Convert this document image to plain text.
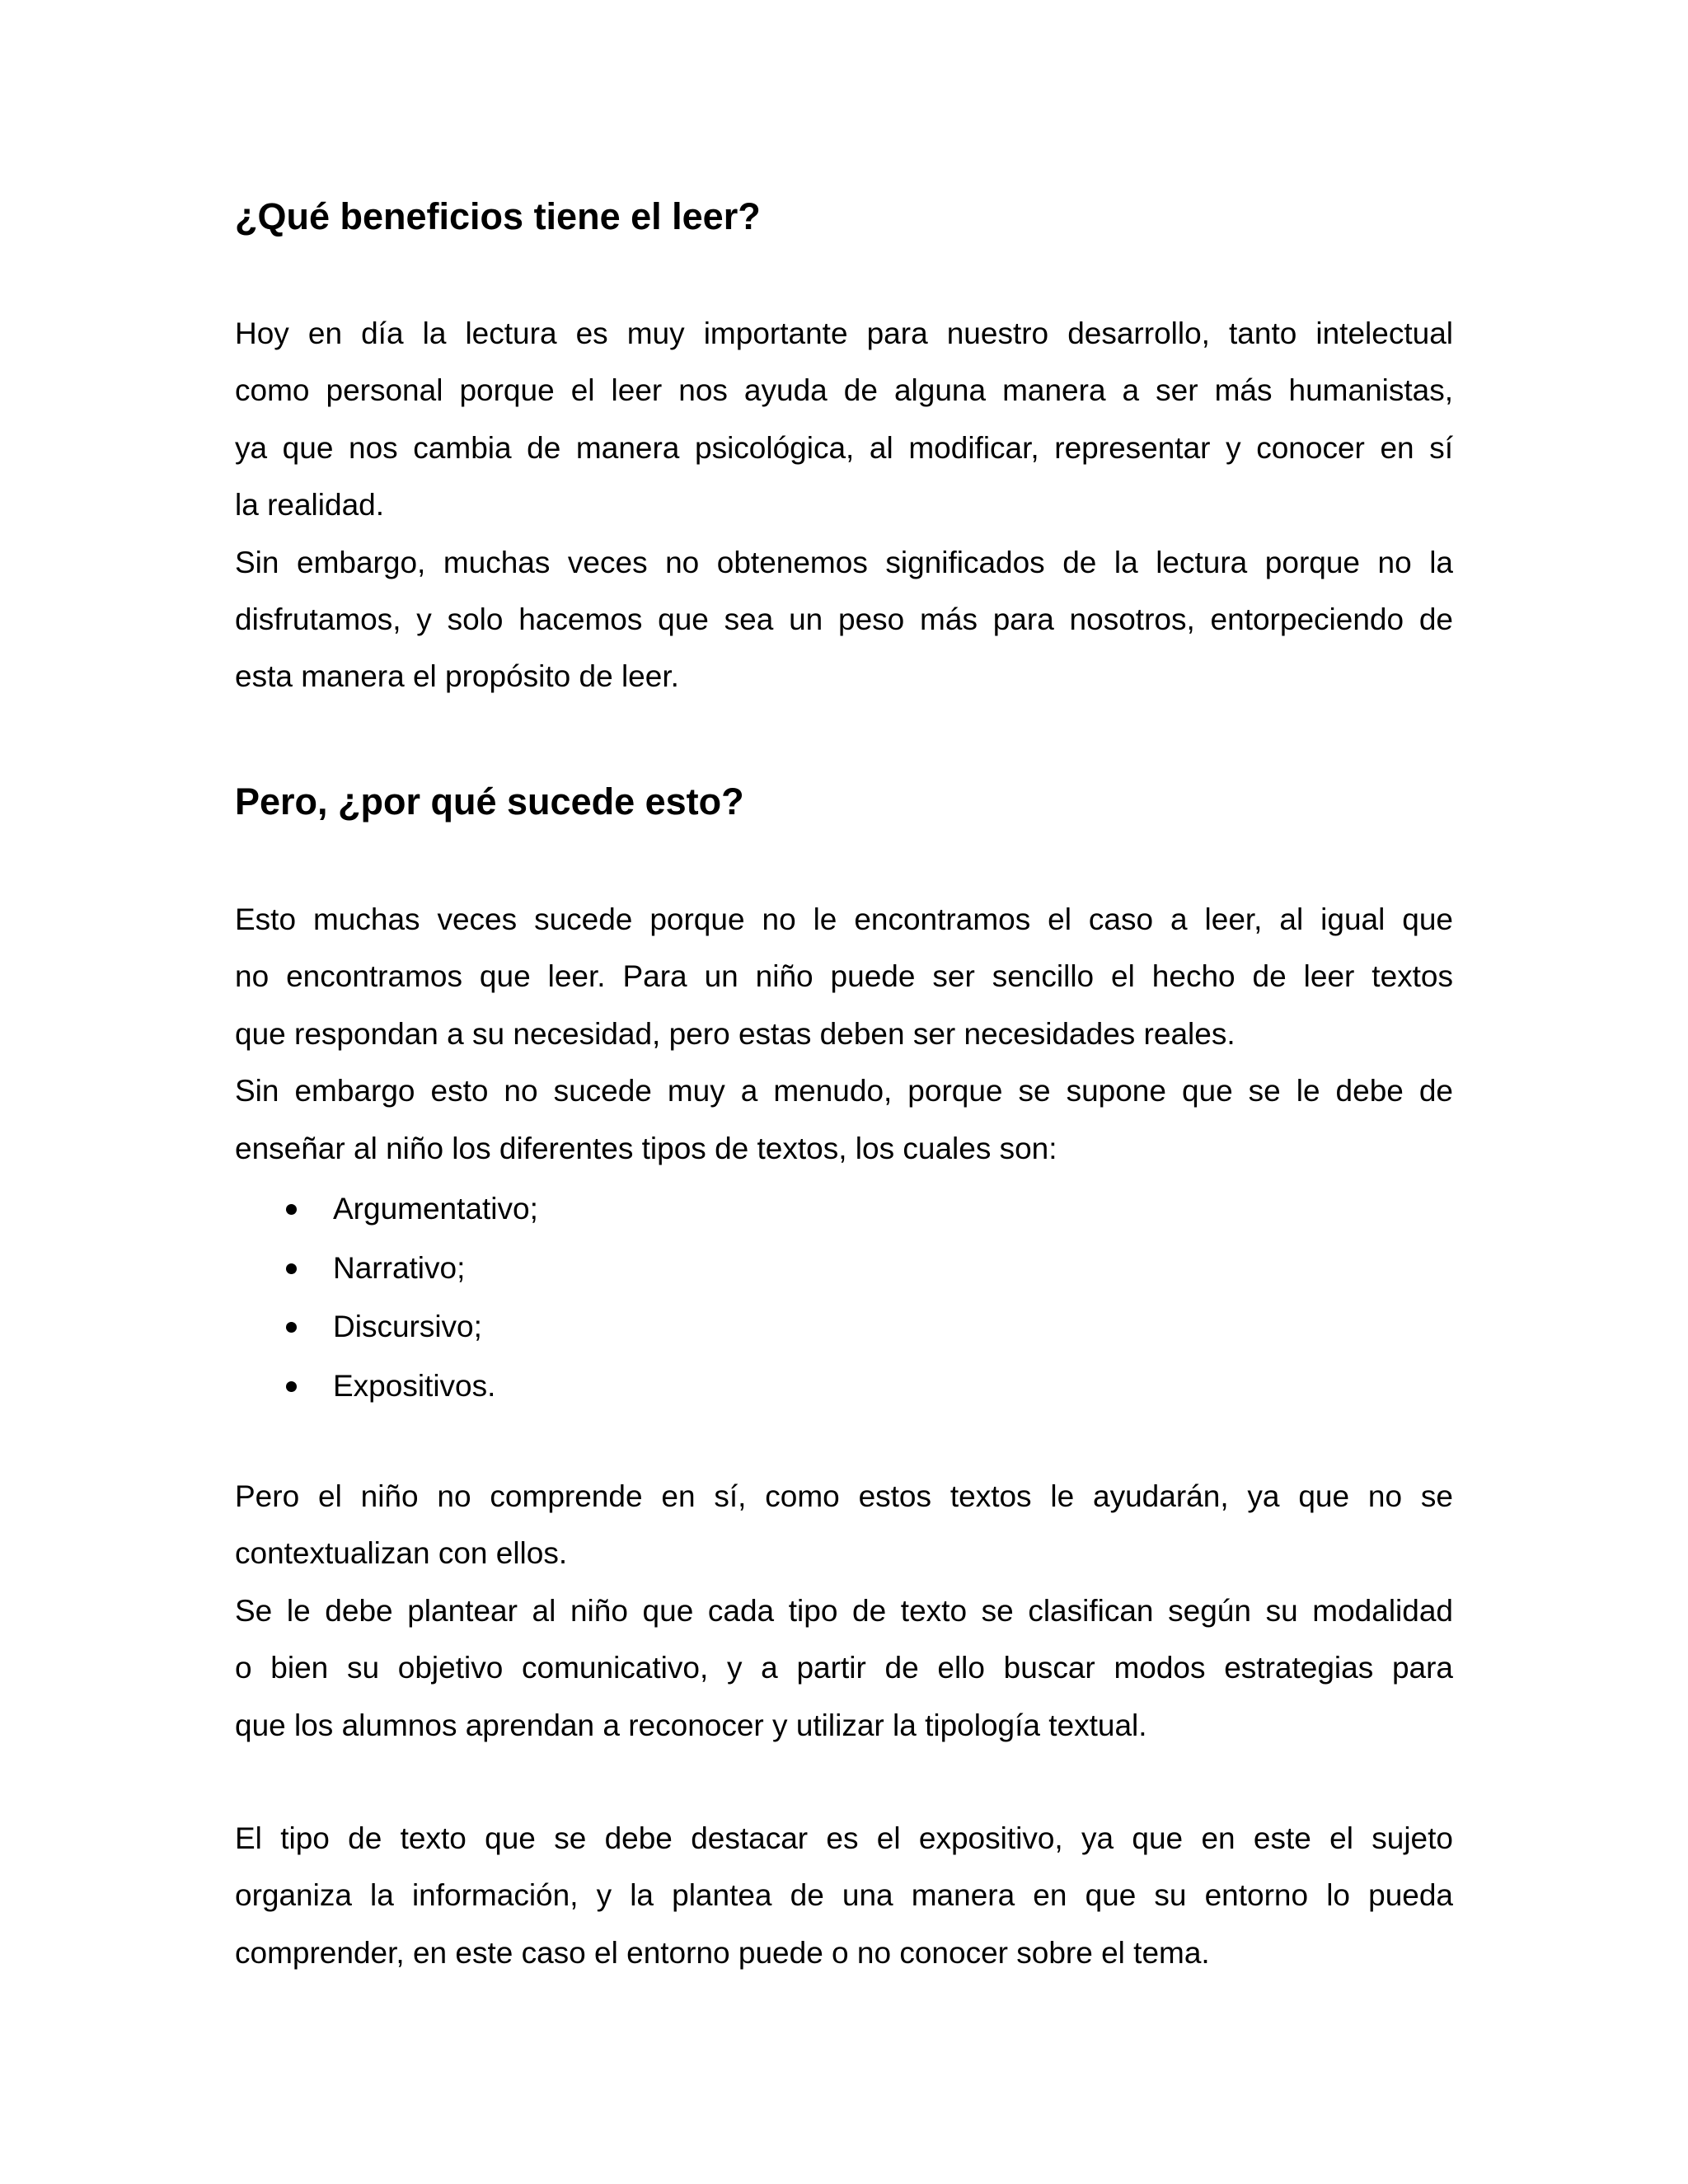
¿Qué beneficios tiene el leer?

Hoy en día la lectura es muy importante para nuestro desarrollo, tanto intelectual
como personal porque el leer nos ayuda de alguna manera a ser más humanistas,
ya que nos cambia de manera psicológica, al modificar, representar y conocer en sí
la realidad.
Sin embargo, muchas veces no obtenemos significados de la lectura porque no la
disfrutamos, y solo hacemos que sea un peso más para nosotros, entorpeciendo de
esta manera el propósito de leer.

Pero, ¿por qué sucede esto?

Esto muchas veces sucede porque no le encontramos el caso a leer, al igual que
no encontramos que leer. Para un niño puede ser sencillo el hecho de leer textos
que respondan a su necesidad, pero estas deben ser necesidades reales.
Sin embargo esto no sucede muy a menudo, porque se supone que se le debe de
enseñar al niño los diferentes tipos de textos, los cuales son:

Argumentativo;
Narrativo;
Discursivo;
Expositivos.

Pero el niño no comprende en sí, como estos textos le ayudarán, ya que no se
contextualizan con ellos.
Se le debe plantear al niño que cada tipo de texto se clasifican según su modalidad
o bien su objetivo comunicativo, y a partir de ello buscar modos estrategias para
que los alumnos aprendan a reconocer y utilizar la tipología textual.

El tipo de texto que se debe destacar es el expositivo, ya que en este el sujeto
organiza la información, y la plantea de una manera en que su entorno lo pueda
comprender, en este caso el entorno puede o no conocer sobre el tema.
